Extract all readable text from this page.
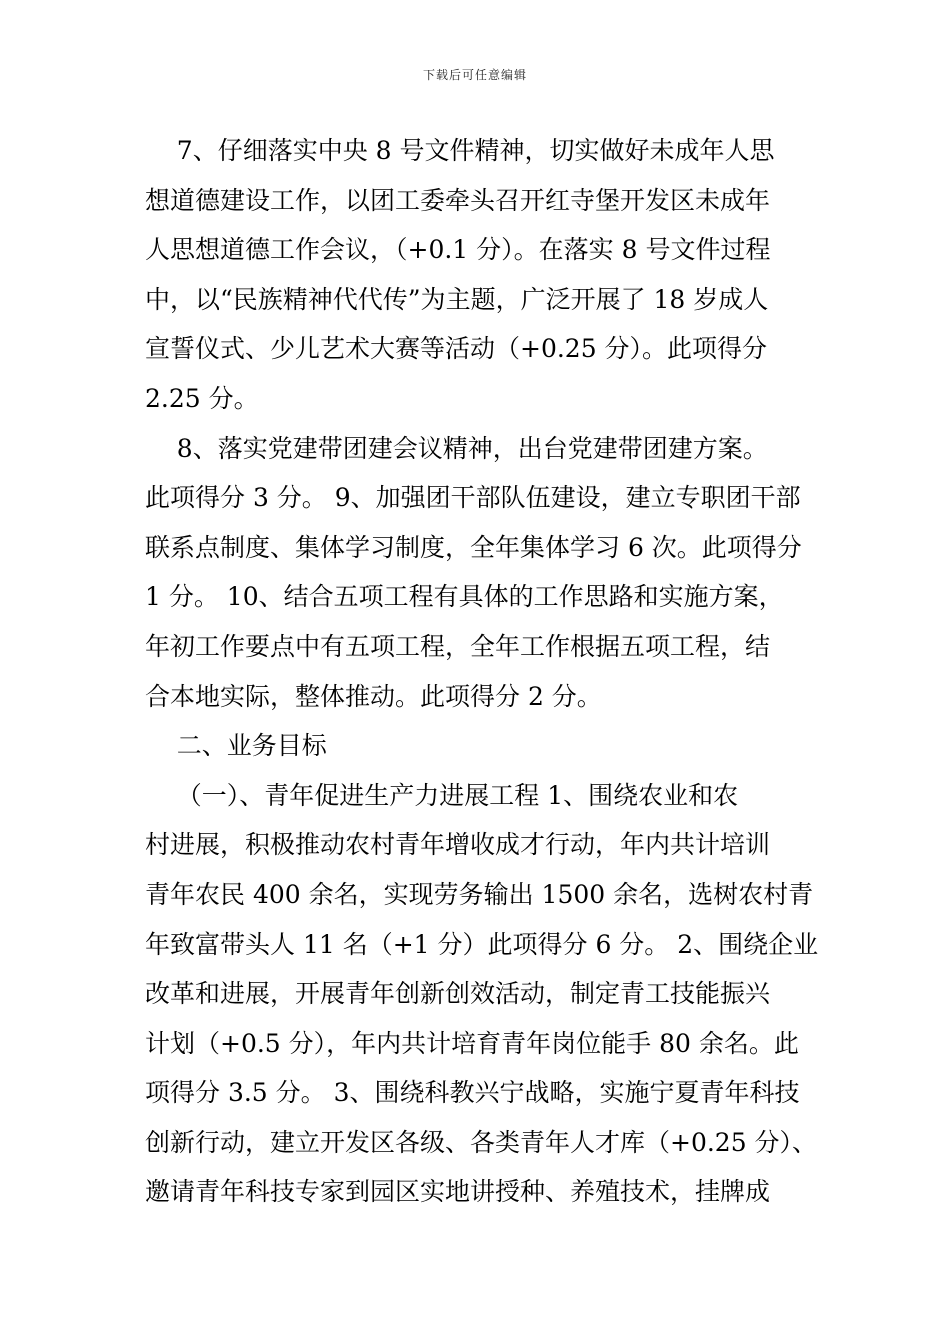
下载后可任意编辑
7、仔细落实中央 8 号文件精神，切实做好未成年人思
想道德建设工作，以团工委牵头召开红寺堡开发区未成年
人思想道德工作会议，（+0.1 分）。在落实 8 号文件过程
中，以“民族精神代代传”为主题，广泛开展了 18 岁成人
宣誓仪式、少儿艺术大赛等活动（+0.25 分）。此项得分
2.25 分。
8、落实党建带团建会议精神，出台党建带团建方案。
此项得分 3 分。 9、加强团干部队伍建设，建立专职团干部
联系点制度、集体学习制度，全年集体学习 6 次。此项得分
1 分。 10、结合五项工程有具体的工作思路和实施方案，
年初工作要点中有五项工程，全年工作根据五项工程，结
合本地实际，整体推动。此项得分 2 分。
二、业务目标
（一）、青年促进生产力进展工程 1、围绕农业和农
村进展，积极推动农村青年增收成才行动，年内共计培训
青年农民 400 余名，实现劳务输出 1500 余名，选树农村青
年致富带头人 11 名（+1 分）此项得分 6 分。 2、围绕企业
改革和进展，开展青年创新创效活动，制定青工技能振兴
计划（+0.5 分），年内共计培育青年岗位能手 80 余名。此
项得分 3.5 分。 3、围绕科教兴宁战略，实施宁夏青年科技
创新行动，建立开发区各级、各类青年人才库（+0.25 分）、
邀请青年科技专家到园区实地讲授种、养殖技术，挂牌成
